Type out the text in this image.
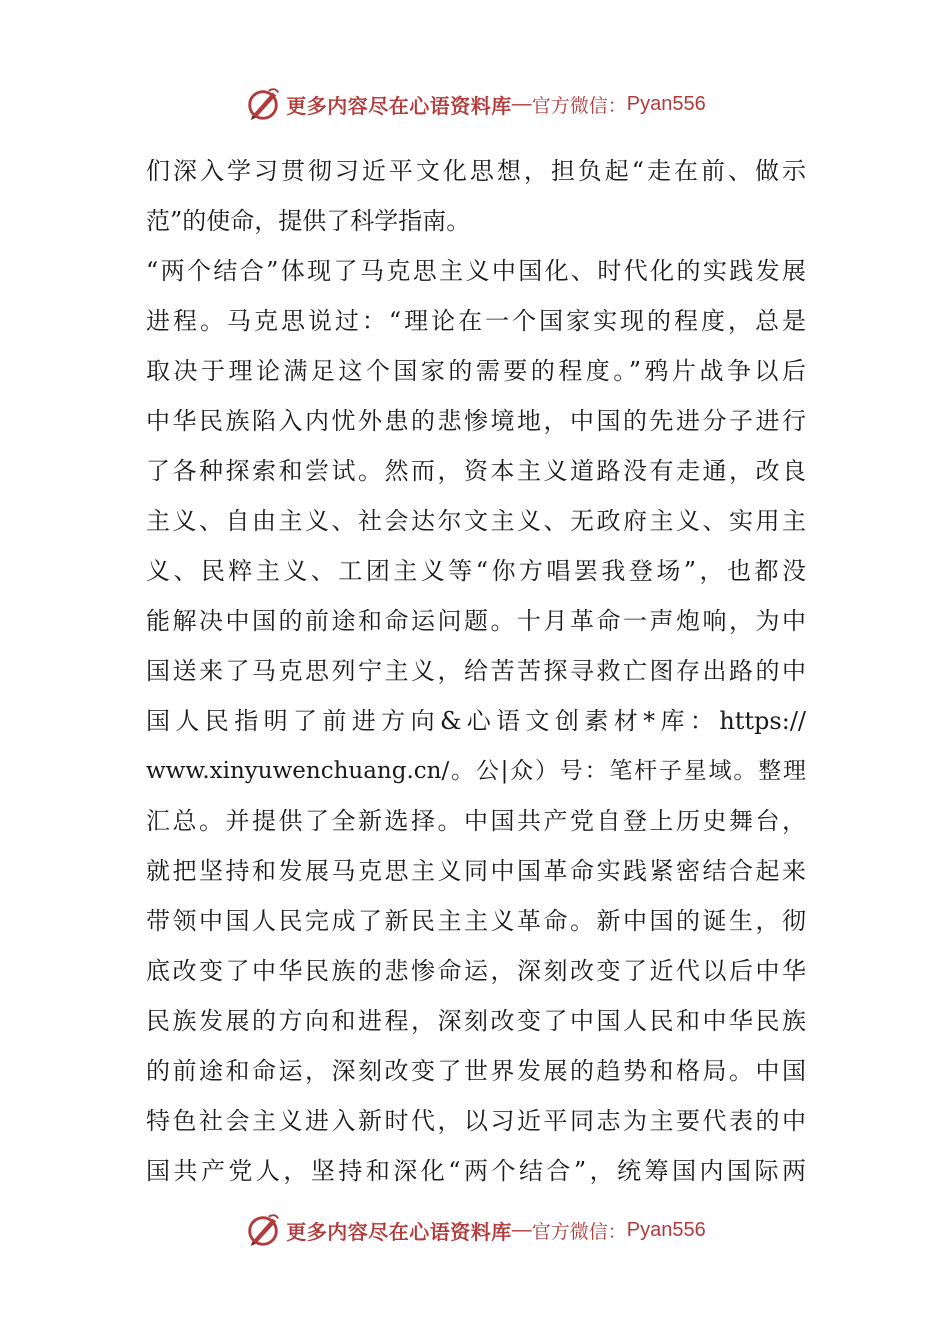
更多内容尽在心语资料库 — 官方微信： Pyan556
们深入学习贯彻习近平文化思想，担负起“走在前、做示
范”的使命，提供了科学指南。
“两个结合”体现了马克思主义中国化、时代化的实践发展
进程。马克思说过：“理论在一个国家实现的程度，总是
取决于理论满足这个国家的需要的程度。”鸦片战争以后
中华民族陷入内忧外患的悲惨境地，中国的先进分子进行
了各种探索和尝试。然而，资本主义道路没有走通，改良
主义、自由主义、社会达尔文主义、无政府主义、实用主
义、民粹主义、工团主义等“你方唱罢我登场”，也都没
能解决中国的前途和命运问题。十月革命一声炮响，为中
国送来了马克思列宁主义，给苦苦探寻救亡图存出路的中
国人民指明了前进方向&心语文创素材*库：https://
www.xinyuwenchuang.cn/。公|众）号：笔杆子星域。整理
汇总。并提供了全新选择。中国共产党自登上历史舞台，
就把坚持和发展马克思主义同中国革命实践紧密结合起来
带领中国人民完成了新民主主义革命。新中国的诞生，彻
底改变了中华民族的悲惨命运，深刻改变了近代以后中华
民族发展的方向和进程，深刻改变了中国人民和中华民族
的前途和命运，深刻改变了世界发展的趋势和格局。中国
特色社会主义进入新时代，以习近平同志为主要代表的中
国共产党人，坚持和深化“两个结合”，统筹国内国际两
更多内容尽在心语资料库 — 官方微信： Pyan556
